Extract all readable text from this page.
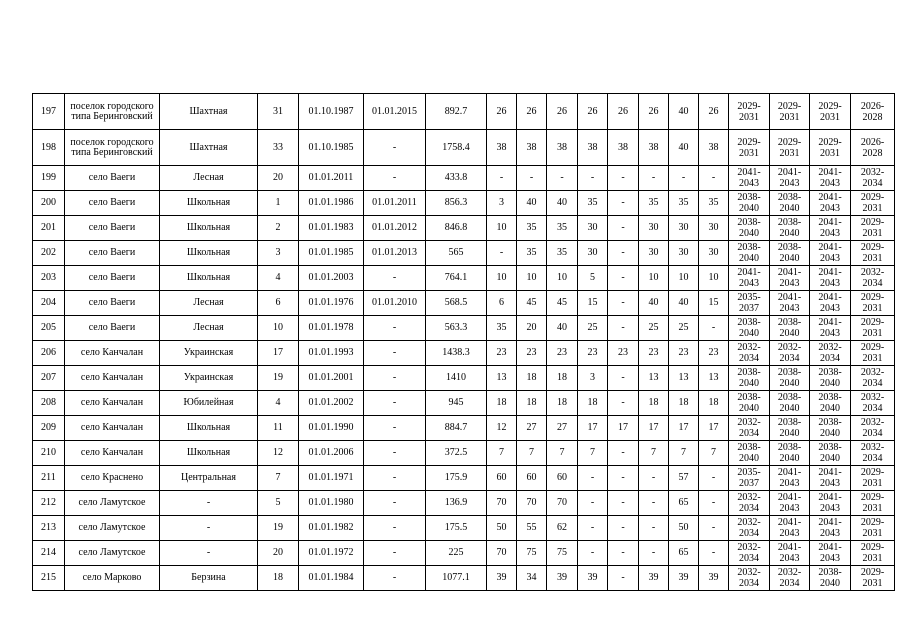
197	поселок городского типа Беринговский	Шахтная	31	01.10.1987	01.01.2015	892.7	26	26	26	26	26	26	40	26	2029-2031	2029-2031	2029-2031	2026-2028
198	поселок городского типа Беринговский	Шахтная	33	01.10.1985	-	1758.4	38	38	38	38	38	38	40	38	2029-2031	2029-2031	2029-2031	2026-2028
199	село Ваеги	Лесная	20	01.01.2011	-	433.8	-	-	-	-	-	-	-	-	2041-2043	2041-2043	2041-2043	2032-2034
200	село Ваеги	Школьная	1	01.01.1986	01.01.2011	856.3	3	40	40	35	-	35	35	35	2038-2040	2038-2040	2041-2043	2029-2031
201	село Ваеги	Школьная	2	01.01.1983	01.01.2012	846.8	10	35	35	30	-	30	30	30	2038-2040	2038-2040	2041-2043	2029-2031
202	село Ваеги	Школьная	3	01.01.1985	01.01.2013	565	-	35	35	30	-	30	30	30	2038-2040	2038-2040	2041-2043	2029-2031
203	село Ваеги	Школьная	4	01.01.2003	-	764.1	10	10	10	5	-	10	10	10	2041-2043	2041-2043	2041-2043	2032-2034
204	село Ваеги	Лесная	6	01.01.1976	01.01.2010	568.5	6	45	45	15	-	40	40	15	2035-2037	2041-2043	2041-2043	2029-2031
205	село Ваеги	Лесная	10	01.01.1978	-	563.3	35	20	40	25	-	25	25	-	2038-2040	2038-2040	2041-2043	2029-2031
206	село Канчалан	Украинская	17	01.01.1993	-	1438.3	23	23	23	23	23	23	23	23	2032-2034	2032-2034	2032-2034	2029-2031
207	село Канчалан	Украинская	19	01.01.2001	-	1410	13	18	18	3	-	13	13	13	2038-2040	2038-2040	2038-2040	2032-2034
208	село Канчалан	Юбилейная	4	01.01.2002	-	945	18	18	18	18	-	18	18	18	2038-2040	2038-2040	2038-2040	2032-2034
209	село Канчалан	Школьная	11	01.01.1990	-	884.7	12	27	27	17	17	17	17	17	2032-2034	2038-2040	2038-2040	2032-2034
210	село Канчалан	Школьная	12	01.01.2006	-	372.5	7	7	7	7	-	7	7	7	2038-2040	2038-2040	2038-2040	2032-2034
211	село Краснено	Центральная	7	01.01.1971	-	175.9	60	60	60	-	-	-	57	-	2035-2037	2041-2043	2041-2043	2029-2031
212	село Ламутское	-	5	01.01.1980	-	136.9	70	70	70	-	-	-	65	-	2032-2034	2041-2043	2041-2043	2029-2031
213	село Ламутское	-	19	01.01.1982	-	175.5	50	55	62	-	-	-	50	-	2032-2034	2041-2043	2041-2043	2029-2031
214	село Ламутское	-	20	01.01.1972	-	225	70	75	75	-	-	-	65	-	2032-2034	2041-2043	2041-2043	2029-2031
215	село Марково	Берзина	18	01.01.1984	-	1077.1	39	34	39	39	-	39	39	39	2032-2034	2032-2034	2038-2040	2029-2031
